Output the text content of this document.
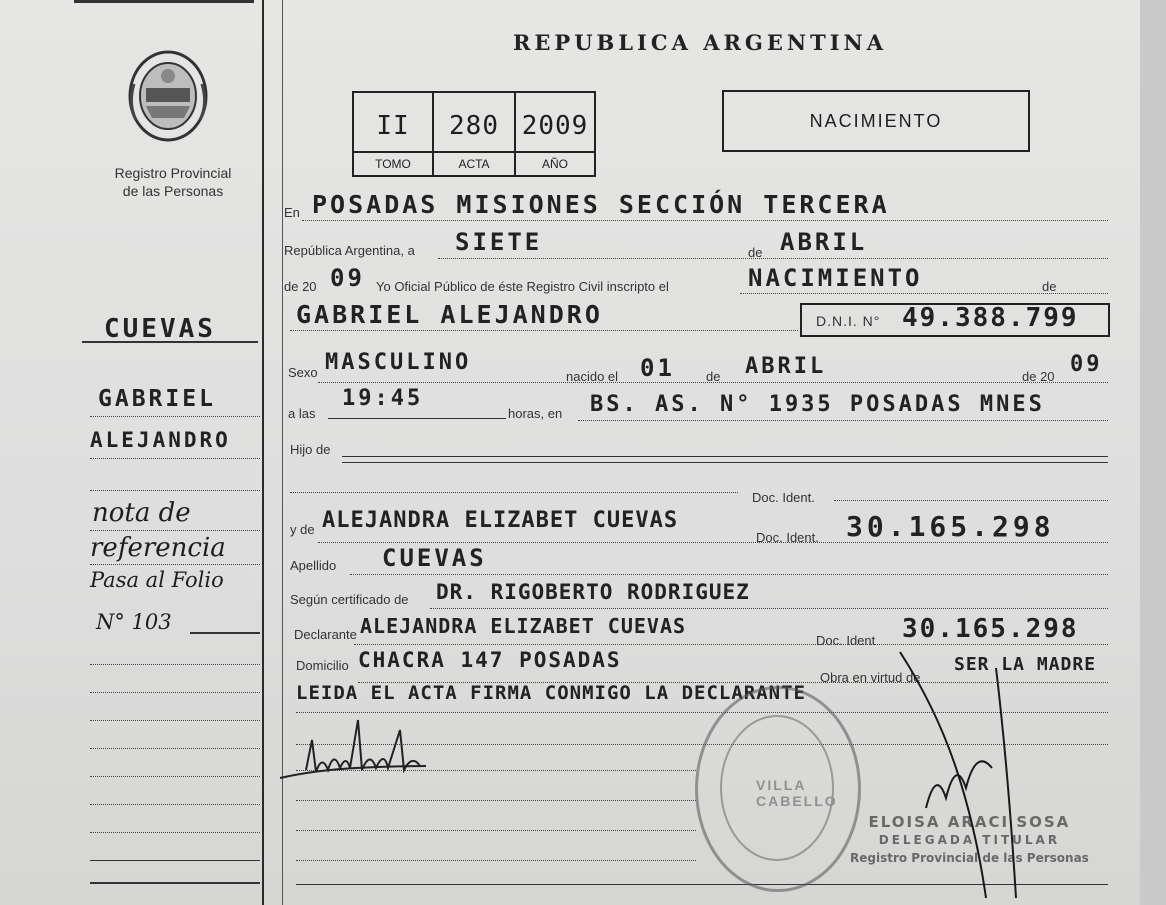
Registro Provincial
de las Personas
CUEVAS
GABRIEL
ALEJANDRO
nota de
referencia
Pasa al Folio
N° 103
REPUBLICA ARGENTINA
II
TOMO
280
ACTA
2009
AÑO
NACIMIENTO
En POSADAS MISIONES SECCIÓN TERCERA
República Argentina, a SIETE	de ABRIL
de 20 09 Yo Oficial Público de éste Registro Civil inscripto el	NACIMIENTO	de
GABRIEL ALEJANDRO	D.N.I. N° 49.388.799
Sexo MASCULINO
nacido el 01 de ABRIL	de 20 09
a las
19:45
horas, en BS. AS. N° 1935 POSADAS MNES
Hijo de
Doc. Ident.
y de ALEJANDRA ELIZABET CUEVAS
Doc. Ident. 30.165.298
Apellido CUEVAS
Según certificado de DR. RIGOBERTO RODRIGUEZ
Declarante ALEJANDRA ELIZABET CUEVAS
Doc. Ident 30.165.298
Domicilio CHACRA 147 POSADAS
Obra en virtud de
SER LA MADRE
LEIDA EL ACTA FIRMA CONMIGO LA DECLARANTE
VILLA CABELLO
ELOISA ARACI SOSA
DELEGADA TITULAR
Registro Provincial de las Personas
